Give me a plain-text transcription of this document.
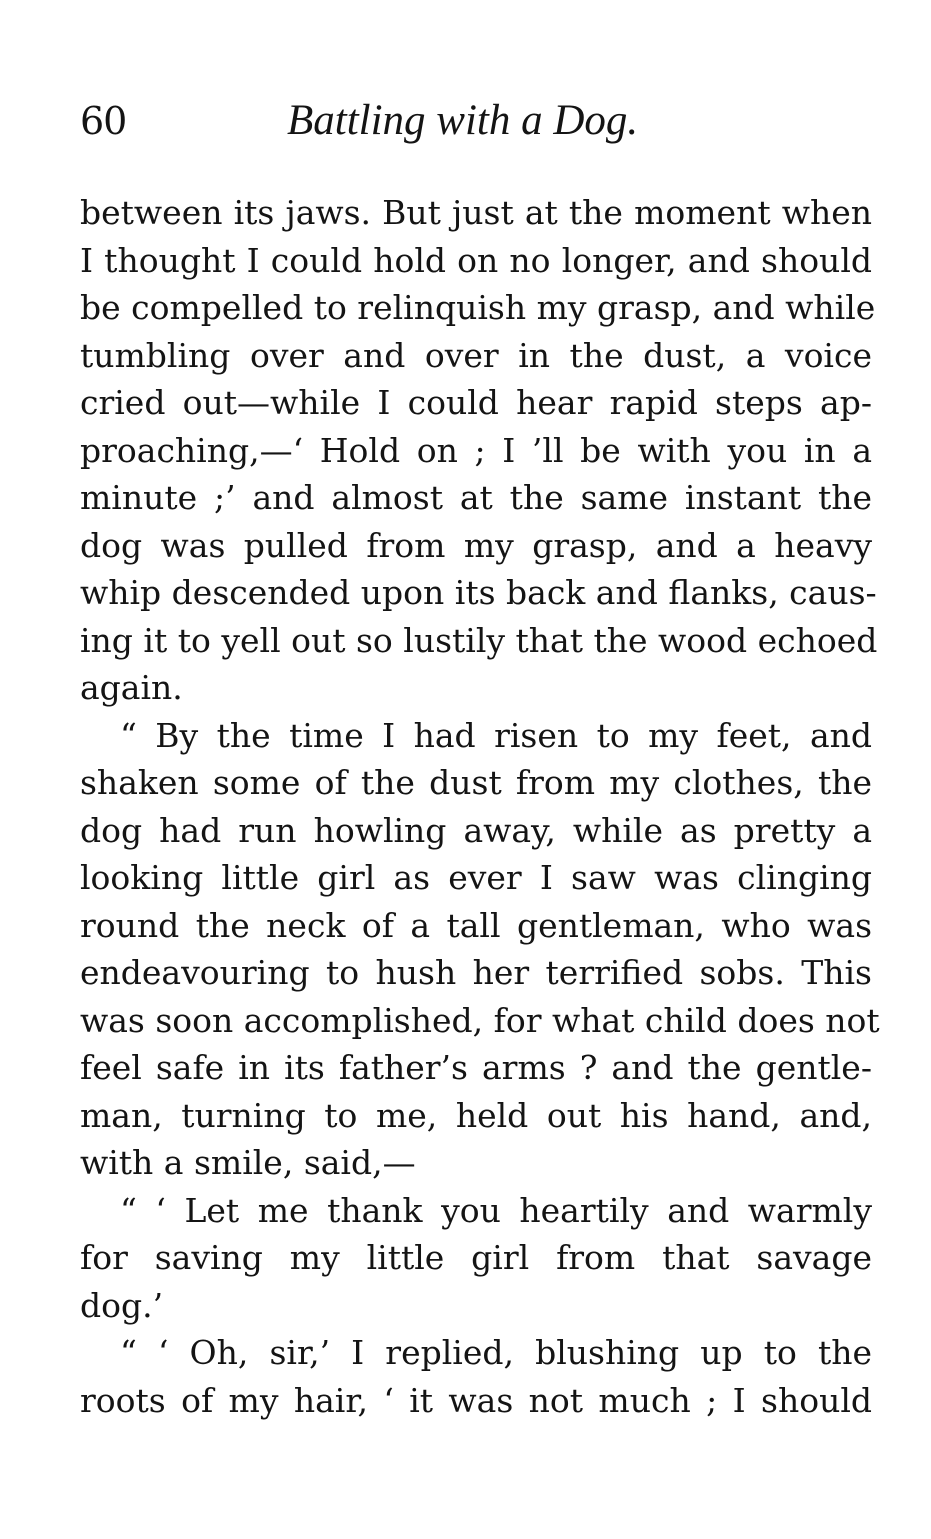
60	Battling with a Dog.
between its jaws. But just at the moment when
I thought I could hold on no longer, and should
be compelled to relinquish my grasp, and while
tumbling over and over in the dust, a voice
cried out—while I could hear rapid steps ap-
proaching,—‘ Hold on ; I ’ll be with you in a
minute ;’ and almost at the same instant the
dog was pulled from my grasp, and a heavy
whip descended upon its back and flanks, caus-
ing it to yell out so lustily that the wood echoed
again.
“ By the time I had risen to my feet, and
shaken some of the dust from my clothes, the
dog had run howling away, while as pretty a
looking little girl as ever I saw was clinging
round the neck of a tall gentleman, who was
endeavouring to hush her terrified sobs. This
was soon accomplished, for what child does not
feel safe in its father’s arms ? and the gentle-
man, turning to me, held out his hand, and,
with a smile, said,—
“ ‘ Let me thank you heartily and warmly
for saving my little girl from that savage
dog.’
“ ‘ Oh, sir,’ I replied, blushing up to the
roots of my hair, ‘ it was not much ; I should
